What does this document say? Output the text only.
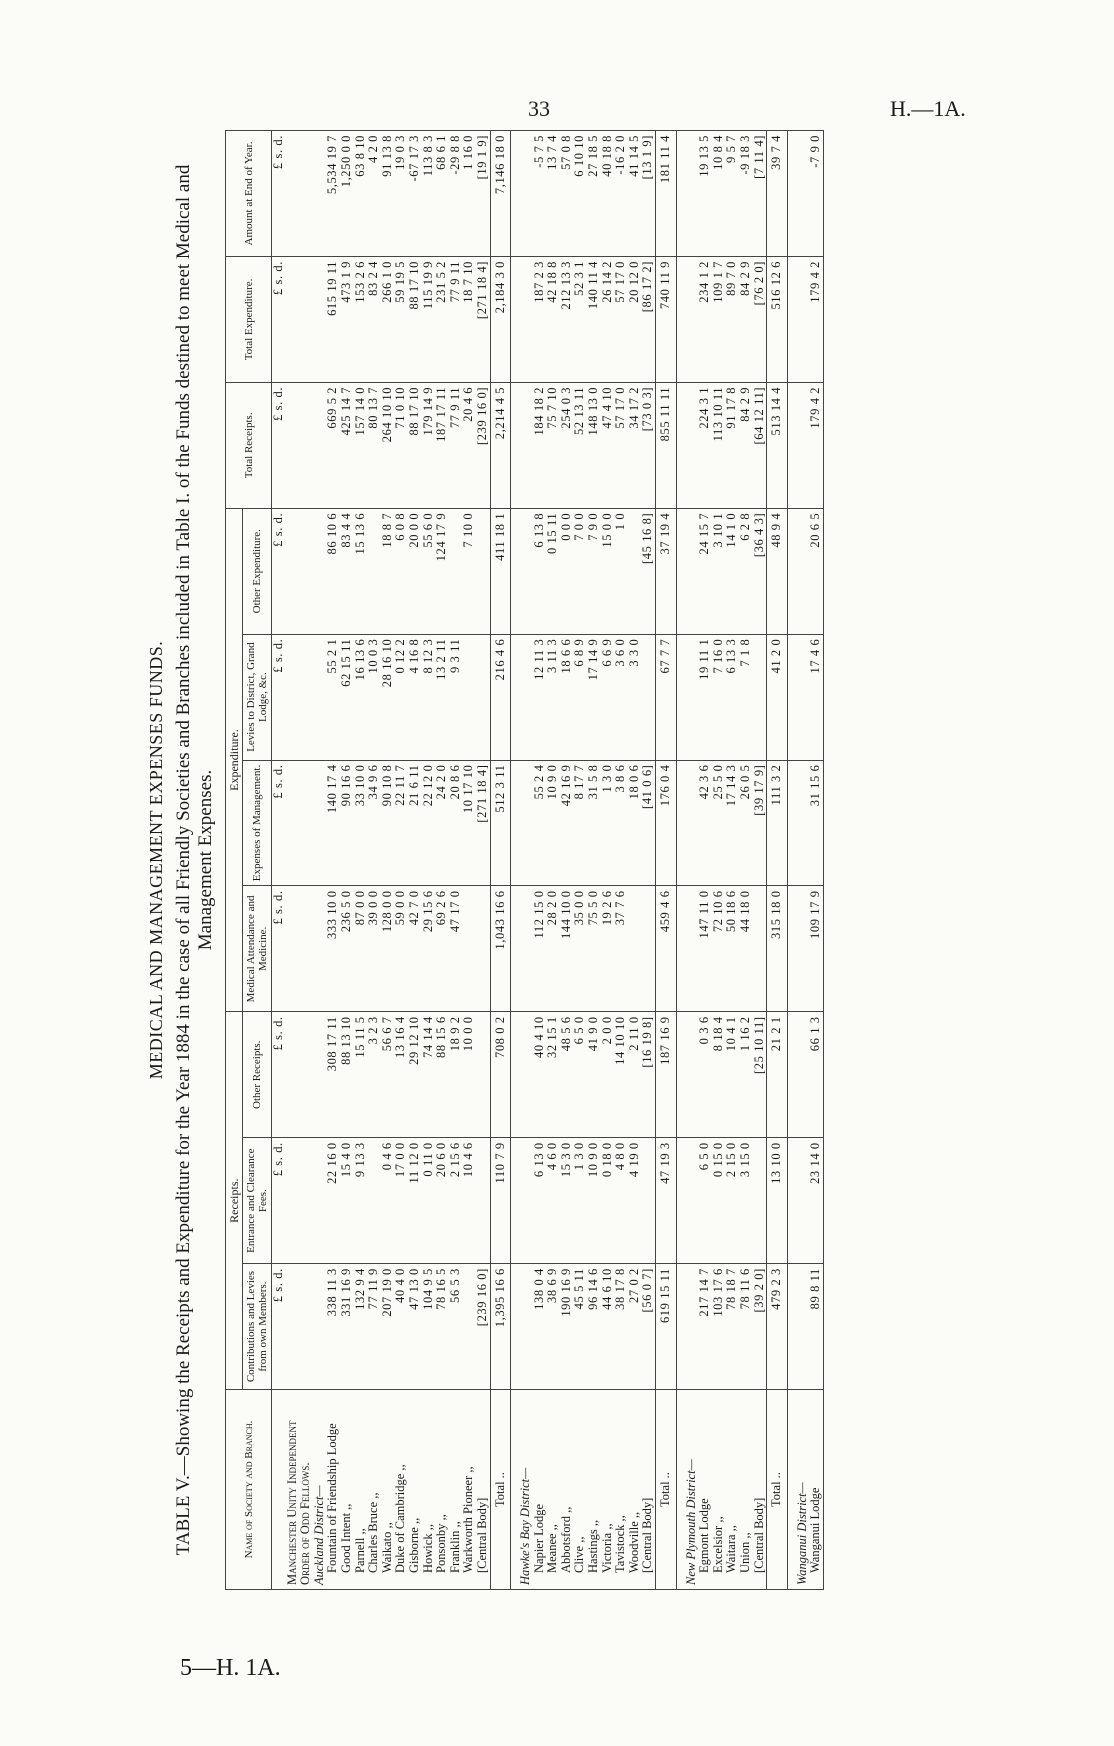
33	H.—1A.
5—H. 1A.
MEDICAL AND MANAGEMENT EXPENSES FUNDS. TABLE V.—Showing the Receipts and Expenditure for the Year 1884 in the case of all Friendly Societies and Branches included in Table I. of the Funds destined to meet Medical and Management Expenses.
Name of Society and Branch.	Receipts.			Expenditure.				Total Receipts.	Total Expenditure.	Amount at End of Year.
	Contributions and Levies from own Members.	Entrance and Clearance Fees.	Other Receipts.	Medical Attendance and Medicine.	Expenses of Management.	Levies to District, Grand Lodge, &c.	Other Expenditure.			
	£ s. d.	£ s. d.	£ s. d.	£ s. d.	£ s. d.	£ s. d.	£ s. d.	£ s. d.	£ s. d.	£ s. d.
Manchester Unity Independent										
Order of Odd Fellows.										
Auckland District—										
Fountain of Friendship Lodge	338 11 3	22 16 0	308 17 11	333 10 0	140 17 4	55 2 1	86 10 6	669 5 2	615 19 11	5,534 19 7
Good Intent ,,	331 16 9	15 4 0	88 13 10	236 5 0	90 16 6	62 15 11	83 4 4	425 14 7	473 1 9	1,250 0 0
Parnell ,,	132 9 4	9 13 3	15 11 5	87 0 0	33 10 0	16 13 6	15 13 6	157 14 0	153 2 6	63 8 10
Charles Bruce ,,	77 11 9		3 2 3	39 0 0	34 9 6	10 0 3		80 13 7	83 2 4	4 2 0
Waikato ,,	207 19 0	0 4 6	56 6 7	128 0 0	90 10 8	28 16 10	18 8 7	264 10 10	266 1 0	91 13 8
Duke of Cambridge ,,	40 4 0	17 0 0	13 16 4	59 0 0	22 11 7	0 12 2	6 0 8	71 0 10	59 19 5	19 0 3
Gisborne ,,	47 13 0	11 12 0	29 12 10	42 7 0	21 6 11	4 16 8	20 0 0	88 17 10	88 17 10	-67 17 3
Howick ,,	104 9 5	0 11 0	74 14 4	29 15 6	22 12 0	8 12 3	55 6 0	179 14 9	115 19 9	113 8 3
Ponsonby ,,	78 16 5	20 6 0	88 15 6	69 2 6	24 2 0	13 2 11	124 17 9	187 17 11	231 5 2	68 6 1
Franklin ,,	56 5 3	2 15 6	18 9 2	47 17 0	20 8 6	9 3 11		77 9 11	77 9 11	-29 8 8
Warkworth Pioneer ,,		10 4 6	10 0 0		10 17 10		7 10 0	20 4 6	18 7 10	1 16 0
[Central Body]	[239 16 0]				[271 18 4]			[239 16 0]	[271 18 4]	[19 1 9]
Total ..	1,395 16 6	110 7 9	708 0 2	1,043 16 6	512 3 11	216 4 6	411 18 1	2,214 4 5	2,184 3 0	7,146 18 0

Hawke's Bay District—										
Napier Lodge	138 0 4	6 13 0	40 4 10	112 15 0	55 2 4	12 11 3	6 13 8	184 18 2	187 2 3	-5 7 5
Meanee ,,	38 6 9	4 6 0	32 15 1	28 2 0	10 9 0	3 11 3	0 15 11	75 7 10	42 18 8	13 7 4
Abbotsford ,,	190 16 9	15 3 0	48 5 6	144 10 0	42 16 9	18 6 6	0 0 0	254 0 3	212 13 3	57 0 8
Clive ,,	45 5 11	1 3 0	6 5 0	35 0 0	8 17 7	6 8 9	7 0 0	52 13 11	52 3 1	6 10 10
Hastings ,,	96 14 6	10 9 0	41 9 0	75 5 0	31 5 8	17 14 9	7 9 0	148 13 0	140 11 4	27 18 5
Victoria ,,	44 6 10	0 18 0	2 0 0	19 2 6	1 3 0	6 6 9	15 0 0	47 4 10	26 14 2	40 18 8
Tavistock ,,	38 17 8	4 8 0	14 10 10	37 7 6	3 8 6	3 6 0	1 0	57 17 0	57 17 0	-16 2 0
Woodville ,,	27 0 2	4 19 0	2 11 0		18 0 6	3 3 0		34 17 2	20 12 0	41 14 5
[Central Body]	[56 0 7]		[16 19 8]		[41 0 6]		[45 16 8]	[73 0 3]	[86 17 2]	[13 1 9]
Total ..	619 15 11	47 19 3	187 16 9	459 4 6	176 0 4	67 7 7	37 19 4	855 11 11	740 11 9	181 11 4

New Plymouth District—										
Egmont Lodge	217 14 7	6 5 0	0 3 6	147 11 0	42 3 6	19 11 1	24 15 7	224 3 1	234 1 2	19 13 5
Excelsior ,,	103 17 6	0 15 0	8 18 4	72 10 6	25 5 0	7 16 0	3 10 1	113 10 11	109 1 7	10 8 4
Waitara ,,	78 18 7	2 15 0	10 4 1	50 18 6	17 14 3	6 13 3	14 1 0	91 17 8	89 7 0	9 5 7
Union ,,	78 11 6	3 15 0	1 16 2	44 18 0	26 0 5	7 1 8	6 2 8	84 2 9	84 2 9	-9 18 3
[Central Body]	[39 2 0]		[25 10 11]		[39 17 9]		[36 4 3]	[64 12 11]	[76 2 0]	[7 11 4]
Total ..	479 2 3	13 10 0	21 2 1	315 18 0	111 3 2	41 2 0	48 9 4	513 14 4	516 12 6	39 7 4

Wanganui District—										
Wanganui Lodge	89 8 11	23 14 0	66 1 3	109 17 9	31 15 6	17 4 6	20 6 5	179 4 2	179 4 2	-7 9 0
